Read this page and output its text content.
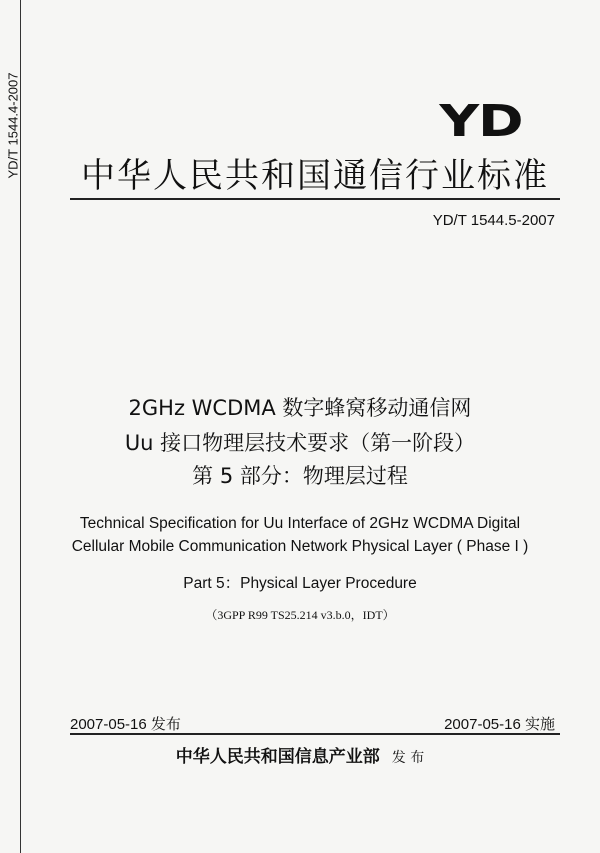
YD/T 1544.4-2007	YD
中华人民共和国通信行业标准
YD/T 1544.5-2007
2GHz WCDMA 数字蜂窝移动通信网
Uu 接口物理层技术要求（第一阶段）
第 5 部分：物理层过程
Technical Specification for Uu Interface of 2GHz WCDMA Digital
Cellular Mobile Communication Network Physical Layer ( Phase I )
Part 5：Physical Layer Procedure
（3GPP R99 TS25.214 v3.b.0，IDT）
2007-05-16 发布	2007-05-16 实施
中华人民共和国信息产业部 发 布
